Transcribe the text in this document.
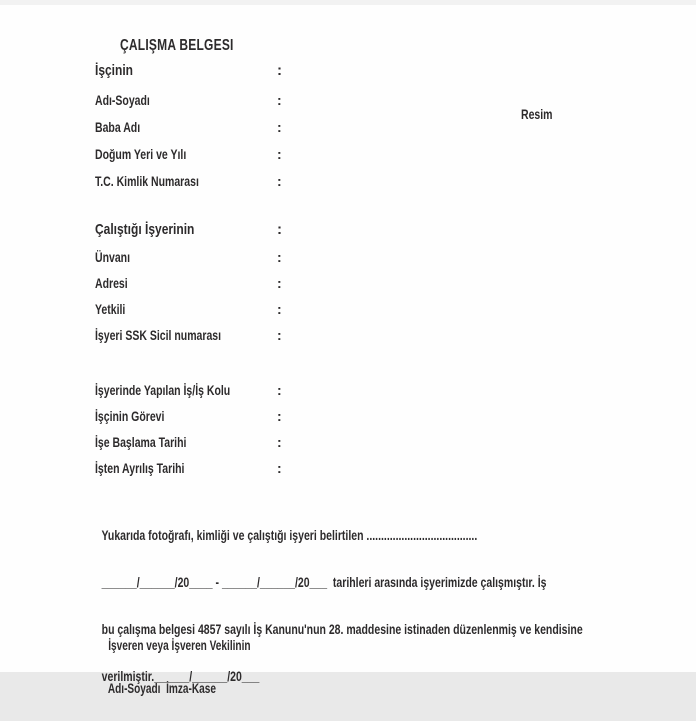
ÇALIŞMA BELGESI
Resim
İşçinin	:
Adı-Soyadı	:
Baba Adı	:
Doğum Yeri ve Yılı	:
T.C. Kimlik Numarası	:
Çalıştığı İşyerinin	:
Ünvanı	:
Adresi	:
Yetkili	:
İşyeri SSK Sicil numarası	:
İşyerinde Yapılan İş/İş Kolu	:
İşçinin Görevi	:
İşe Başlama Tarihi	:
İşten Ayrılış Tarihi	:

Yukarıda fotoğrafı, kimliği ve çalıştığı işyeri belirtilen ......................................

______/______/20____ - ______/______/20___  tarihleri arasında işyerimizde çalışmıştır. İş

bu çalışma belgesi 4857 sayılı İş Kanunu'nun 28. maddesine istinaden düzenlenmiş ve kendisine

verilmiştir.______/______/20___

İşveren veya İşveren Vekilinin

Adı-Soyadı  İmza-Kase
